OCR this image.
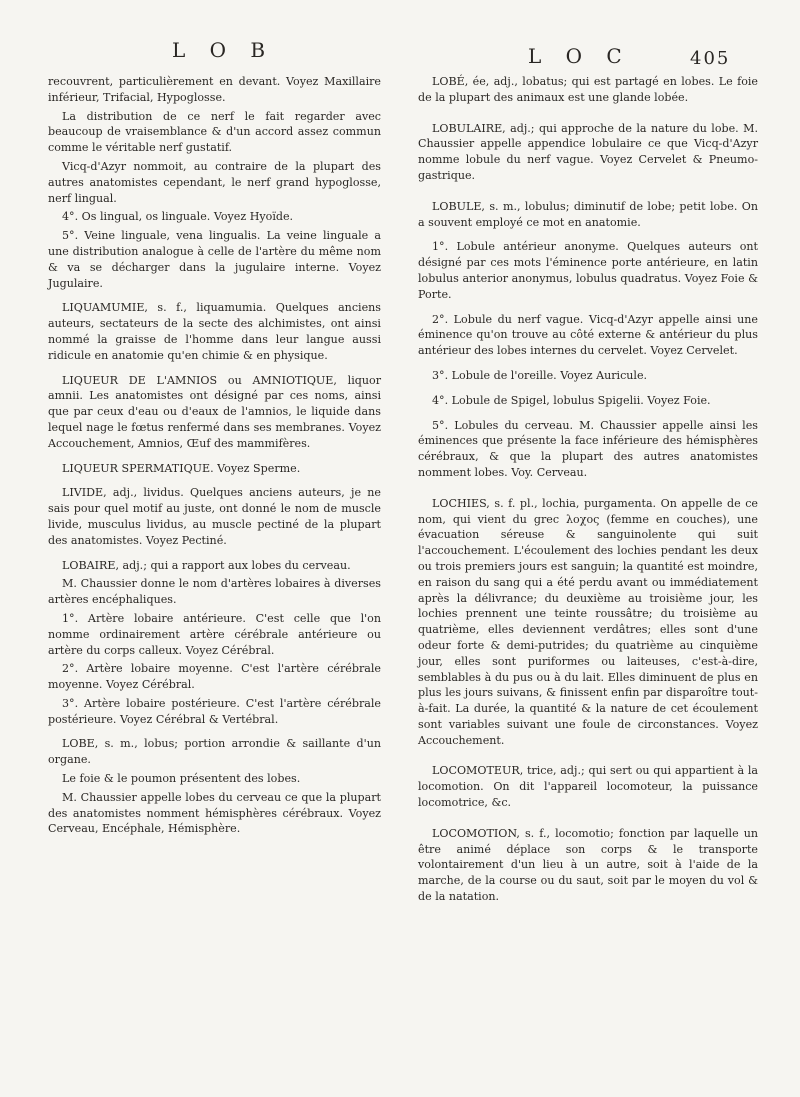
L O B	L O C	405

recouvrent, particulièrement en devant. Voyez Maxillaire inférieur, Trifacial, Hypoglosse.

La distribution de ce nerf le fait regarder avec beaucoup de vraisemblance & d'un accord assez commun comme le véritable nerf gustatif.

Vicq-d'Azyr nommoit, au contraire de la plupart des autres anatomistes cependant, le nerf grand hypoglosse, nerf lingual.

4°. Os lingual, os linguale. Voyez Hyoïde.

5°. Veine linguale, vena lingualis. La veine linguale a une distribution analogue à celle de l'artère du même nom & va se décharger dans la jugulaire interne. Voyez Jugulaire.

LIQUAMUMIE, s. f., liquamumia. Quelques anciens auteurs, sectateurs de la secte des alchimistes, ont ainsi nommé la graisse de l'homme dans leur langue aussi ridicule en anatomie qu'en chimie & en physique.

LIQUEUR DE L'AMNIOS ou AMNIOTIQUE, liquor amnii. Les anatomistes ont désigné par ces noms, ainsi que par ceux d'eau ou d'eaux de l'amnios, le liquide dans lequel nage le fœtus renfermé dans ses membranes. Voyez Accouchement, Amnios, Œuf des mammifères.

LIQUEUR SPERMATIQUE. Voyez Sperme.

LIVIDE, adj., lividus. Quelques anciens auteurs, je ne sais pour quel motif au juste, ont donné le nom de muscle livide, musculus lividus, au muscle pectiné de la plupart des anatomistes. Voyez Pectiné.

LOBAIRE, adj.; qui a rapport aux lobes du cerveau.

M. Chaussier donne le nom d'artères lobaires à diverses artères encéphaliques.

1°. Artère lobaire antérieure. C'est celle que l'on nomme ordinairement artère cérébrale antérieure ou artère du corps calleux. Voyez Cérébral.

2°. Artère lobaire moyenne. C'est l'artère cérébrale moyenne. Voyez Cérébral.

3°. Artère lobaire postérieure. C'est l'artère cérébrale postérieure. Voyez Cérébral & Vertébral.

LOBE, s. m., lobus; portion arrondie & saillante d'un organe.

Le foie & le poumon présentent des lobes.

M. Chaussier appelle lobes du cerveau ce que la plupart des anatomistes nomment hémisphères cérébraux. Voyez Cerveau, Encéphale, Hémisphère.

LOBÉ, ée, adj., lobatus; qui est partagé en lobes. Le foie de la plupart des animaux est une glande lobée.

LOBULAIRE, adj.; qui approche de la nature du lobe. M. Chaussier appelle appendice lobulaire ce que Vicq-d'Azyr nomme lobule du nerf vague. Voyez Cervelet & Pneumo-gastrique.

LOBULE, s. m., lobulus; diminutif de lobe; petit lobe. On a souvent employé ce mot en anatomie.

1°. Lobule antérieur anonyme. Quelques auteurs ont désigné par ces mots l'éminence porte antérieure, en latin lobulus anterior anonymus, lobulus quadratus. Voyez Foie & Porte.

2°. Lobule du nerf vague. Vicq-d'Azyr appelle ainsi une éminence qu'on trouve au côté externe & antérieur du plus antérieur des lobes internes du cervelet. Voyez Cervelet.

3°. Lobule de l'oreille. Voyez Auricule.

4°. Lobule de Spigel, lobulus Spigelii. Voyez Foie.

5°. Lobules du cerveau. M. Chaussier appelle ainsi les éminences que présente la face inférieure des hémisphères cérébraux, & que la plupart des autres anatomistes nomment lobes. Voy. Cerveau.

LOCHIES, s. f. pl., lochia, purgamenta. On appelle de ce nom, qui vient du grec λοχος (femme en couches), une évacuation séreuse & sanguinolente qui suit l'accouchement. L'écoulement des lochies pendant les deux ou trois premiers jours est sanguin; la quantité est moindre, en raison du sang qui a été perdu avant ou immédiatement après la délivrance; du deuxième au troisième jour, les lochies prennent une teinte roussâtre; du troisième au quatrième, elles deviennent verdâtres; elles sont d'une odeur forte & demi-putrides; du quatrième au cinquième jour, elles sont puriformes ou laiteuses, c'est-à-dire, semblables à du pus ou à du lait. Elles diminuent de plus en plus les jours suivans, & finissent enfin par disparoître tout-à-fait. La durée, la quantité & la nature de cet écoulement sont variables suivant une foule de circonstances. Voyez Accouchement.

LOCOMOTEUR, trice, adj.; qui sert ou qui appartient à la locomotion. On dit l'appareil locomoteur, la puissance locomotrice, &c.

LOCOMOTION, s. f., locomotio; fonction par laquelle un être animé déplace son corps & le transporte volontairement d'un lieu à un autre, soit à l'aide de la marche, de la course ou du saut, soit par le moyen du vol & de la natation.
